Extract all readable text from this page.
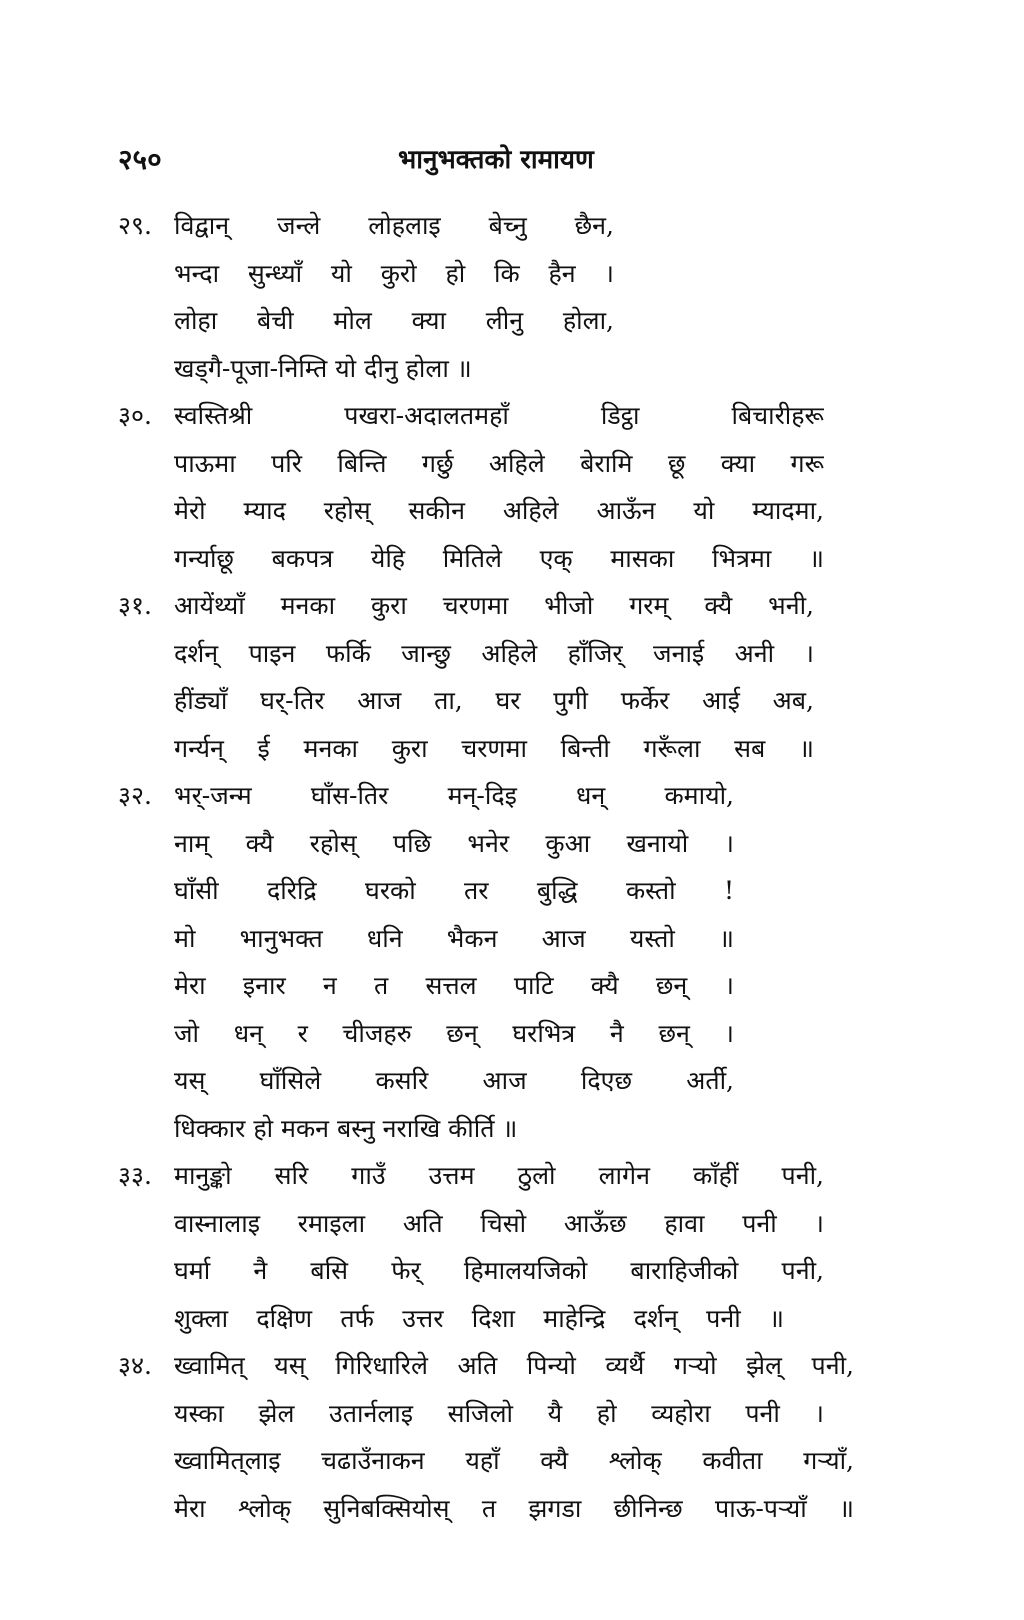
२५०	भानुभक्तको रामायण
२९. विद्वान् जन्ले लोहलाइ बेच्नु छैन,
भन्दा सुन्ध्याँ यो कुरो हो कि हैन ।
लोहा बेची मोल क्या लीनु होला,
खड्गै-पूजा-निम्ति यो दीनु होला ॥
३०. स्वस्तिश्री पखरा-अदालतमहाँ डिट्ठा बिचारीहरू
पाऊमा परि बिन्ति गर्छु अहिले बेरामि छू क्या गरू
मेरो म्याद रहोस् सकीन अहिले आऊँन यो म्यादमा,
गर्न्याछू बकपत्र येहि मितिले एक् मासका भित्रमा ॥
३१. आयेंथ्याँ मनका कुरा चरणमा भीजो गरम् क्यै भनी,
दर्शन् पाइन फर्कि जान्छु अहिले हाँजिर् जनाई अनी ।
हींड्याँ घर्-तिर आज ता, घर पुगी फर्केर आई अब,
गर्न्यन् ई मनका कुरा चरणमा बिन्ती गरूँला सब ॥
३२. भर्-जन्म घाँस-तिर मन्-दिइ धन् कमायो,
नाम् क्यै रहोस् पछि भनेर कुआ खनायो ।
घाँसी दरिद्रि घरको तर बुद्धि कस्तो !
मो भानुभक्त धनि भैकन आज यस्तो ॥
मेरा इनार न त सत्तल पाटि क्यै छन् ।
जो धन् र चीजहरु छन् घरभित्र नै छन् ।
यस् घाँसिले कसरि आज दिएछ अर्ती,
धिक्कार हो मकन बस्नु नराखि कीर्ति ॥
३३. मानुङ्को सरि गाउँ उत्तम ठुलो लागेन काँहीं पनी,
वास्नालाइ रमाइला अति चिसो आऊँछ हावा पनी ।
घर्मा नै बसि फेर् हिमालयजिको बाराहिजीको पनी,
शुक्ला दक्षिण तर्फ उत्तर दिशा माहेन्द्रि दर्शन् पनी ॥
३४. ख्वामित् यस् गिरिधारिले अति पिन्यो व्यर्थै गर्‍यो झेल् पनी,
यस्का झेल उतार्नलाइ सजिलो यै हो व्यहोरा पनी ।
ख्वामित्‌लाइ चढाउँनाकन यहाँ क्यै श्लोक् कवीता गर्‍याँ,
मेरा श्लोक् सुनिबक्सियोस् त झगडा छीनिन्छ पाऊ-पर्‍याँ ॥
